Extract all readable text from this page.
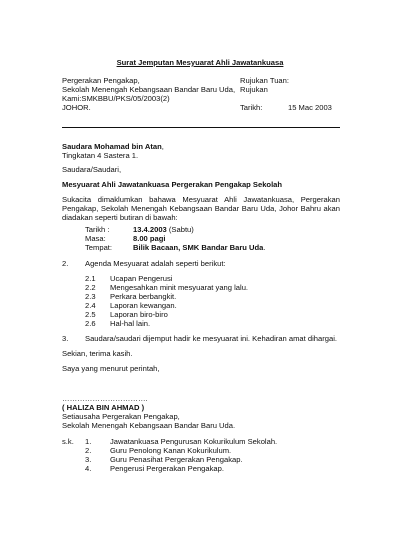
Surat Jemputan Mesyuarat Ahli Jawatankuasa
Pergerakan Pengakap,
Sekolah Menengah Kebangsaan Bandar Baru Uda,
Kami:SMKBBU/PKS/05/2003(2)
JOHOR.
Rujukan Tuan:
Rujukan
Tarikh:	15 Mac 2003
Saudara Mohamad bin Atan,
Tingkatan 4 Sastera 1.
Saudara/Saudari,
Mesyuarat Ahli Jawatankuasa Pergerakan Pengakap Sekolah
Sukacita dimaklumkan bahawa Mesyuarat Ahli Jawatankuasa, Pergerakan Pengakap, Sekolah Menengah Kebangsaan Bandar Baru Uda, Johor Bahru akan diadakan seperti butiran di bawah:
Tarikh :	13.4.2003 (Sabtu)
Masa:	8.00 pagi
Tempat:	Bilik Bacaan, SMK Bandar Baru Uda.
2. Agenda Mesyuarat adalah seperti berikut:
2.1 Ucapan Pengerusi
2.2 Mengesahkan minit mesyuarat yang lalu.
2.3 Perkara berbangkit.
2.4 Laporan kewangan.
2.5 Laporan biro-biro
2.6 Hal-hal lain.
3. Saudara/saudari dijemput hadir ke mesyuarat ini. Kehadiran amat dihargai.
Sekian, terima kasih.
Saya yang menurut perintah,
…………………………….
( HALIZA BIN AHMAD )
Setiausaha Pergerakan Pengakap,
Sekolah Menengah Kebangsaan Bandar Baru Uda.
s.k. 1. Jawatankuasa Pengurusan Kokurikulum Sekolah.
2. Guru Penolong Kanan Kokurikulum.
3. Guru Penasihat Pergerakan Pengakap.
4. Pengerusi Pergerakan Pengakap.
